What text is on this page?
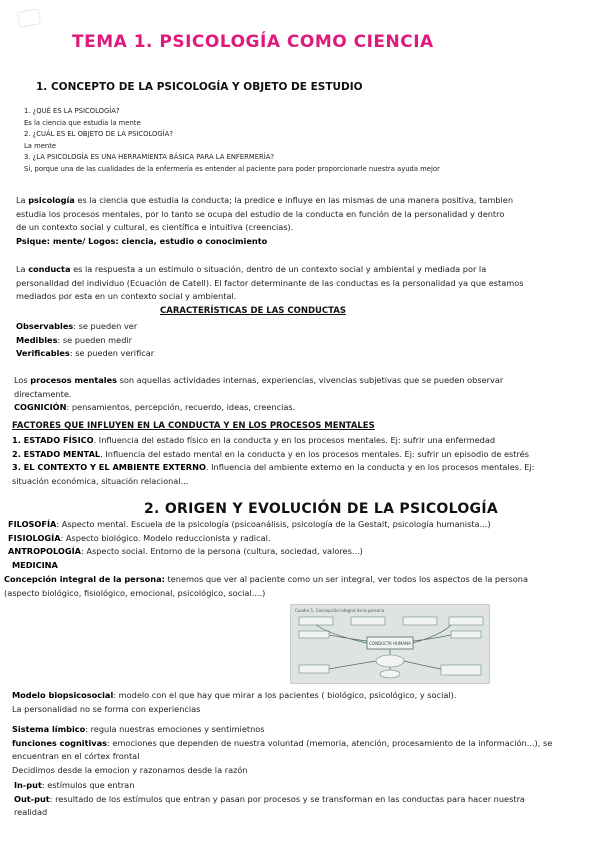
TEMA 1. PSICOLOGÍA COMO CIENCIA
1. CONCEPTO DE LA PSICOLOGÍA Y OBJETO DE ESTUDIO
1. ¿QUÉ ES LA PSICOLOGÍA?
Es la ciencia que estudia la mente
2. ¿CUÁL ES EL OBJETO DE LA PSICOLOGÍA?
La mente
3. ¿LA PSICOLOGÍA ES UNA HERRAMIENTA BÁSICA PARA LA ENFERMERÍA?
Si, porque una de las cualidades de la enfermería es entender al paciente para poder proporcionarle nuestra ayuda mejor
La psicología es la ciencia que estudia la conducta; la predice e influye en las mismas de una manera positiva, tambien
estudia los procesos mentales, por lo tanto se ocupa del estudio de la conducta en función de la personalidad y dentro
de un contexto social y cultural, es científica e intuitiva (creencias).
Psique: mente/ Logos: ciencia, estudio o conocimiento
La conducta es la respuesta a un estimulo o situación, dentro de un contexto social y ambiental y mediada por la
personalidad del individuo (Ecuación de Catell). El factor determinante de las conductas es la personalidad ya que estamos
mediados por esta en un contexto social y ambiental.
CARACTERÍSTICAS DE LAS CONDUCTAS
Observables: se pueden ver
Medibles: se pueden medir
Verificables: se pueden verificar
Los procesos mentales son aquellas actividades internas, experiencias, vivencias subjetivas que se pueden observar
directamente.
COGNICIÓN: pensamientos, percepción, recuerdo, ideas, creencias.
FACTORES QUE INFLUYEN EN LA CONDUCTA Y EN LOS PROCESOS MENTALES
1. ESTADO FÍSICO. Influencia del estado físico en la conducta y en los procesos mentales. Ej: sufrir una enfermedad
2. ESTADO MENTAL. Influencia del estado mental en la conducta y en los procesos mentales. Ej: sufrir un episodio de estrés
3. EL CONTEXTO Y EL AMBIENTE EXTERNO. Influencia del ambiente externo en la conducta y en los procesos mentales. Ej:
situación económica, situación relacional...
2. ORIGEN Y EVOLUCIÓN DE LA PSICOLOGÍA
FILOSOFÍA: Aspecto mental. Escuela de la psicología (psicoanálisis, psicología de la Gestalt, psicología humanista...)
FISIOLOGÍA: Aspecto biológico. Modelo reduccionista y radical.
ANTROPOLOGÍA: Aspecto social. Entorno de la persona (cultura, sociedad, valores...)
MEDICINA
Concepción integral de la persona: tenemos que ver al paciente como un ser integral, ver todos los aspectos de la persona
(aspecto biológico, fisiológico, emocional, psicológico, social....)
Cuadro 1. Concepción integral de la persona
CONDUCTA HUMANA
Modelo biopsicosocial: modelo con el que hay que mirar a los pacientes ( biológico, psicológico, y social).
La personalidad no se forma con experiencias
Sistema límbico: regula nuestras emociones y sentimietnos
funciones cognitivas: emociones que dependen de nuestra voluntad (memoria, atención, procesamiento de la información...), se
encuentran en el córtex frontal
Decidimos desde la emocion y razonamos desde la razón
In-put: estímulos que entran
Out-put: resultado de los estímulos que entran y pasan por procesos y se transforman en las conductas para hacer nuestra
realidad
